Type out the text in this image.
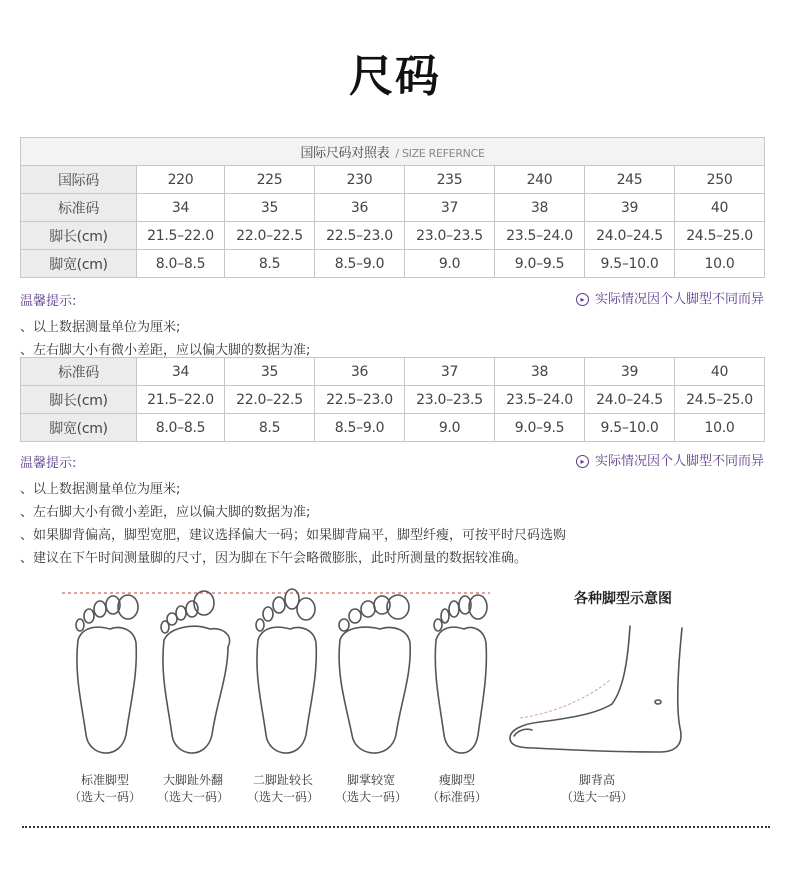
尺码
国际尺码对照表 / SIZE REFERNCE							
国际码	220	225	230	235	240	245	250
标准码	34	35	36	37	38	39	40
脚长(cm)	21.5–22.0	22.0–22.5	22.5–23.0	23.0–23.5	23.5–24.0	24.0–24.5	24.5–25.0
脚宽(cm)	8.0–8.5	8.5	8.5–9.0	9.0	9.0–9.5	9.5–10.0	10.0
温馨提示:	▸ 实际情况因个人脚型不同而异
、以上数据测量单位为厘米;
、左右脚大小有微小差距，应以偏大脚的数据为准;
标准码	34	35	36	37	38	39	40
脚长(cm)	21.5–22.0	22.0–22.5	22.5–23.0	23.0–23.5	23.5–24.0	24.0–24.5	24.5–25.0
脚宽(cm)	8.0–8.5	8.5	8.5–9.0	9.0	9.0–9.5	9.5–10.0	10.0
温馨提示:	▸ 实际情况因个人脚型不同而异
、以上数据测量单位为厘米;
、左右脚大小有微小差距，应以偏大脚的数据为准;
、如果脚背偏高，脚型宽肥，建议选择偏大一码；如果脚背扁平，脚型纤瘦，可按平时尺码选购
、建议在下午时间测量脚的尺寸，因为脚在下午会略微膨胀，此时所测量的数据较准确。
标准脚型
（选大一码）
大脚趾外翻
（选大一码）
二脚趾较长
（选大一码）
脚掌较宽
（选大一码）
瘦脚型
（标准码）
各种脚型示意图
脚背高
（选大一码）
